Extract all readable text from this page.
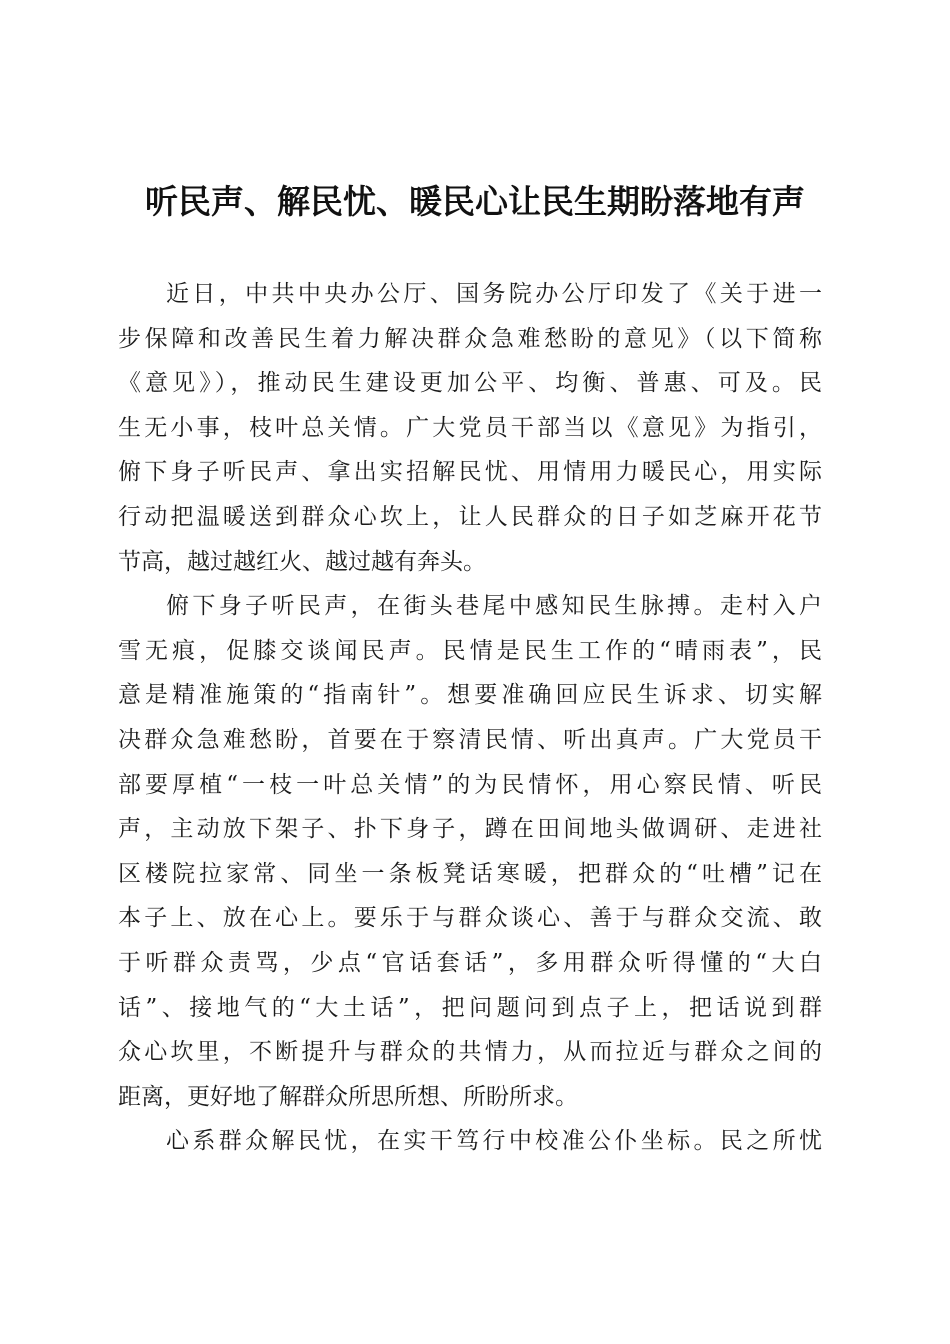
听民声、解民忧、暖民心让民生期盼落地有声
近日，中共中央办公厅、国务院办公厅印发了《关于进一
步保障和改善民生着力解决群众急难愁盼的意见》（以下简称
《意见》），推动民生建设更加公平、均衡、普惠、可及。民
生无小事，枝叶总关情。广大党员干部当以《意见》为指引，
俯下身子听民声、拿出实招解民忧、用情用力暖民心，用实际
行动把温暖送到群众心坎上，让人民群众的日子如芝麻开花节
节高，越过越红火、越过越有奔头。
俯下身子听民声，在街头巷尾中感知民生脉搏。走村入户
雪无痕，促膝交谈闻民声。民情是民生工作的“晴雨表”，民
意是精准施策的“指南针”。想要准确回应民生诉求、切实解
决群众急难愁盼，首要在于察清民情、听出真声。广大党员干
部要厚植“一枝一叶总关情”的为民情怀，用心察民情、听民
声，主动放下架子、扑下身子，蹲在田间地头做调研、走进社
区楼院拉家常、同坐一条板凳话寒暖，把群众的“吐槽”记在
本子上、放在心上。要乐于与群众谈心、善于与群众交流、敢
于听群众责骂，少点“官话套话”，多用群众听得懂的“大白
话”、接地气的“大土话”，把问题问到点子上，把话说到群
众心坎里，不断提升与群众的共情力，从而拉近与群众之间的
距离，更好地了解群众所思所想、所盼所求。
心系群众解民忧，在实干笃行中校准公仆坐标。民之所忧
